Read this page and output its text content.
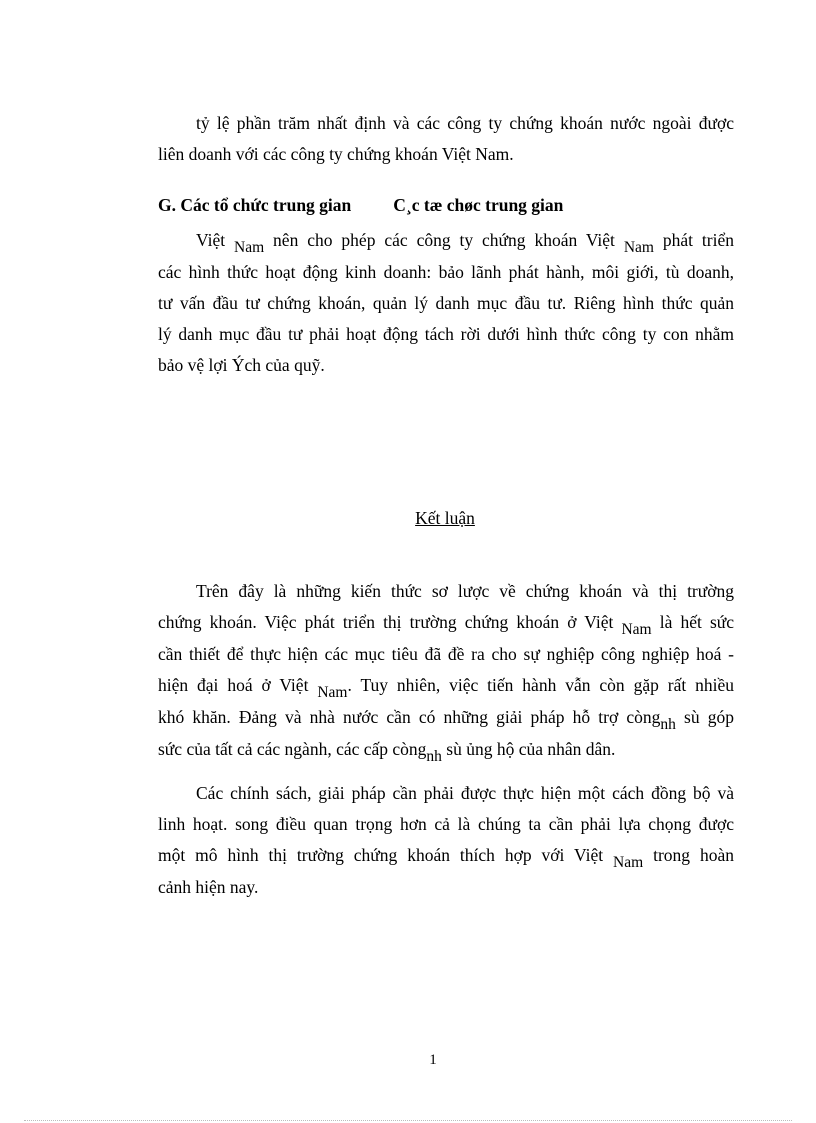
tỷ lệ phần trăm nhất định và các công ty chứng khoán nước ngoài được
liên doanh với các công ty chứng khoán Việt Nam.

G. Các tổ chức trung gian C¸c tæ chøc trung gian

Việt Nam nên cho phép các công ty chứng khoán Việt Nam phát triển
các hình thức hoạt động kinh doanh: bảo lãnh phát hành, môi giới, tù doanh,
tư vấn đầu tư chứng khoán, quản lý danh mục đầu tư. Riêng hình thức quản
lý danh mục đầu tư phải hoạt động tách rời dưới hình thức công ty con nhằm
bảo vệ lợi Ých của quỹ.

Kết luận

Trên đây là những kiến thức sơ lược về chứng khoán và thị trường
chứng khoán. Việc phát triển thị trường chứng khoán ở Việt Nam là hết sức
cần thiết để thực hiện các mục tiêu đã đề ra cho sự nghiệp công nghiệp hoá -
hiện đại hoá ở Việt Nam. Tuy nhiên, việc tiến hành vẫn còn gặp rất nhiều
khó khăn. Đảng và nhà nước cần có những giải pháp hỗ trợ còngnh sù góp
sức của tất cả các ngành, các cấp còngnh sù ủng hộ của nhân dân.

Các chính sách, giải pháp cần phải được thực hiện một cách đồng bộ và
linh hoạt. song điều quan trọng hơn cả là chúng ta cần phải lựa chọng được
một mô hình thị trường chứng khoán thích hợp với Việt Nam trong hoàn
cảnh hiện nay.

1
